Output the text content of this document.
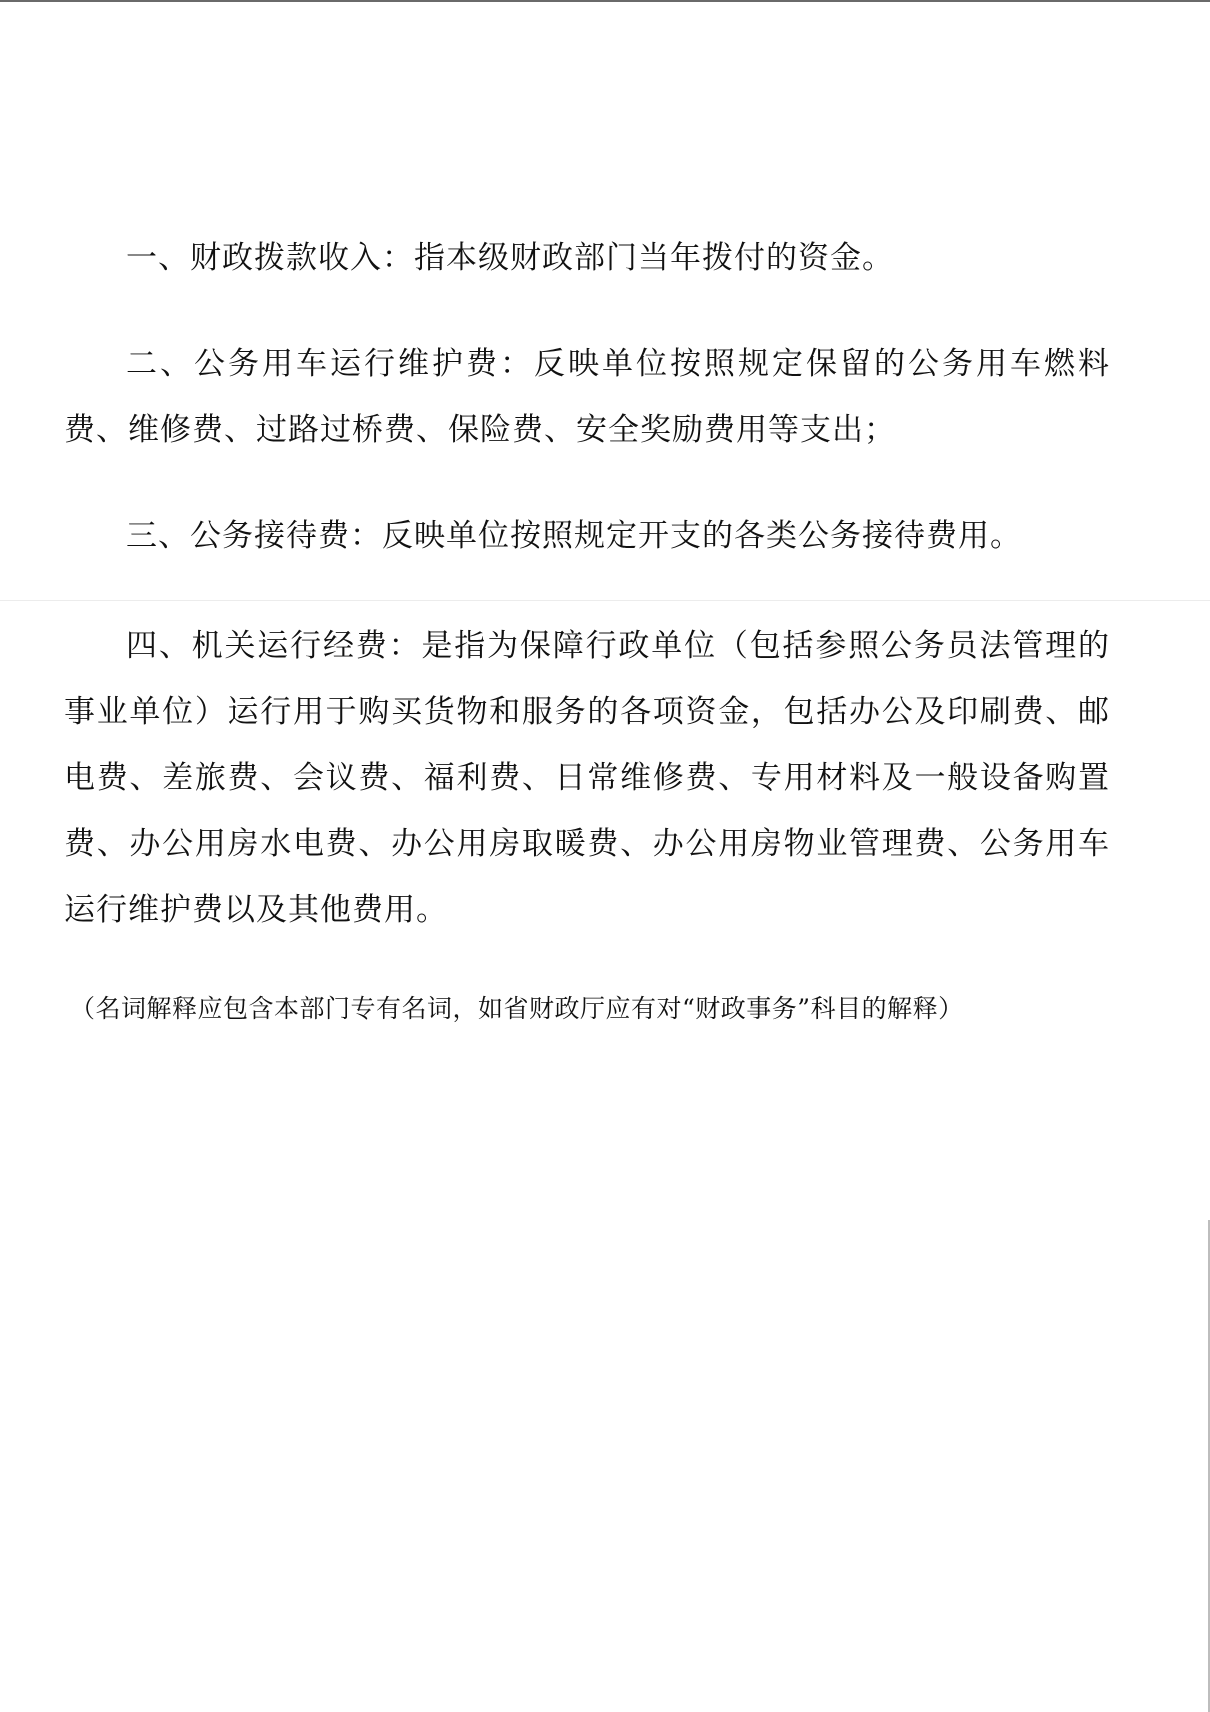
一、财政拨款收入：指本级财政部门当年拨付的资金。

二、公务用车运行维护费：反映单位按照规定保留的公务用车燃料费、维修费、过路过桥费、保险费、安全奖励费用等支出；

三、公务接待费：反映单位按照规定开支的各类公务接待费用。

四、机关运行经费：是指为保障行政单位（包括参照公务员法管理的事业单位）运行用于购买货物和服务的各项资金，包括办公及印刷费、邮电费、差旅费、会议费、福利费、日常维修费、专用材料及一般设备购置费、办公用房水电费、办公用房取暖费、办公用房物业管理费、公务用车运行维护费以及其他费用。

（名词解释应包含本部门专有名词，如省财政厅应有对“财政事务”科目的解释）
